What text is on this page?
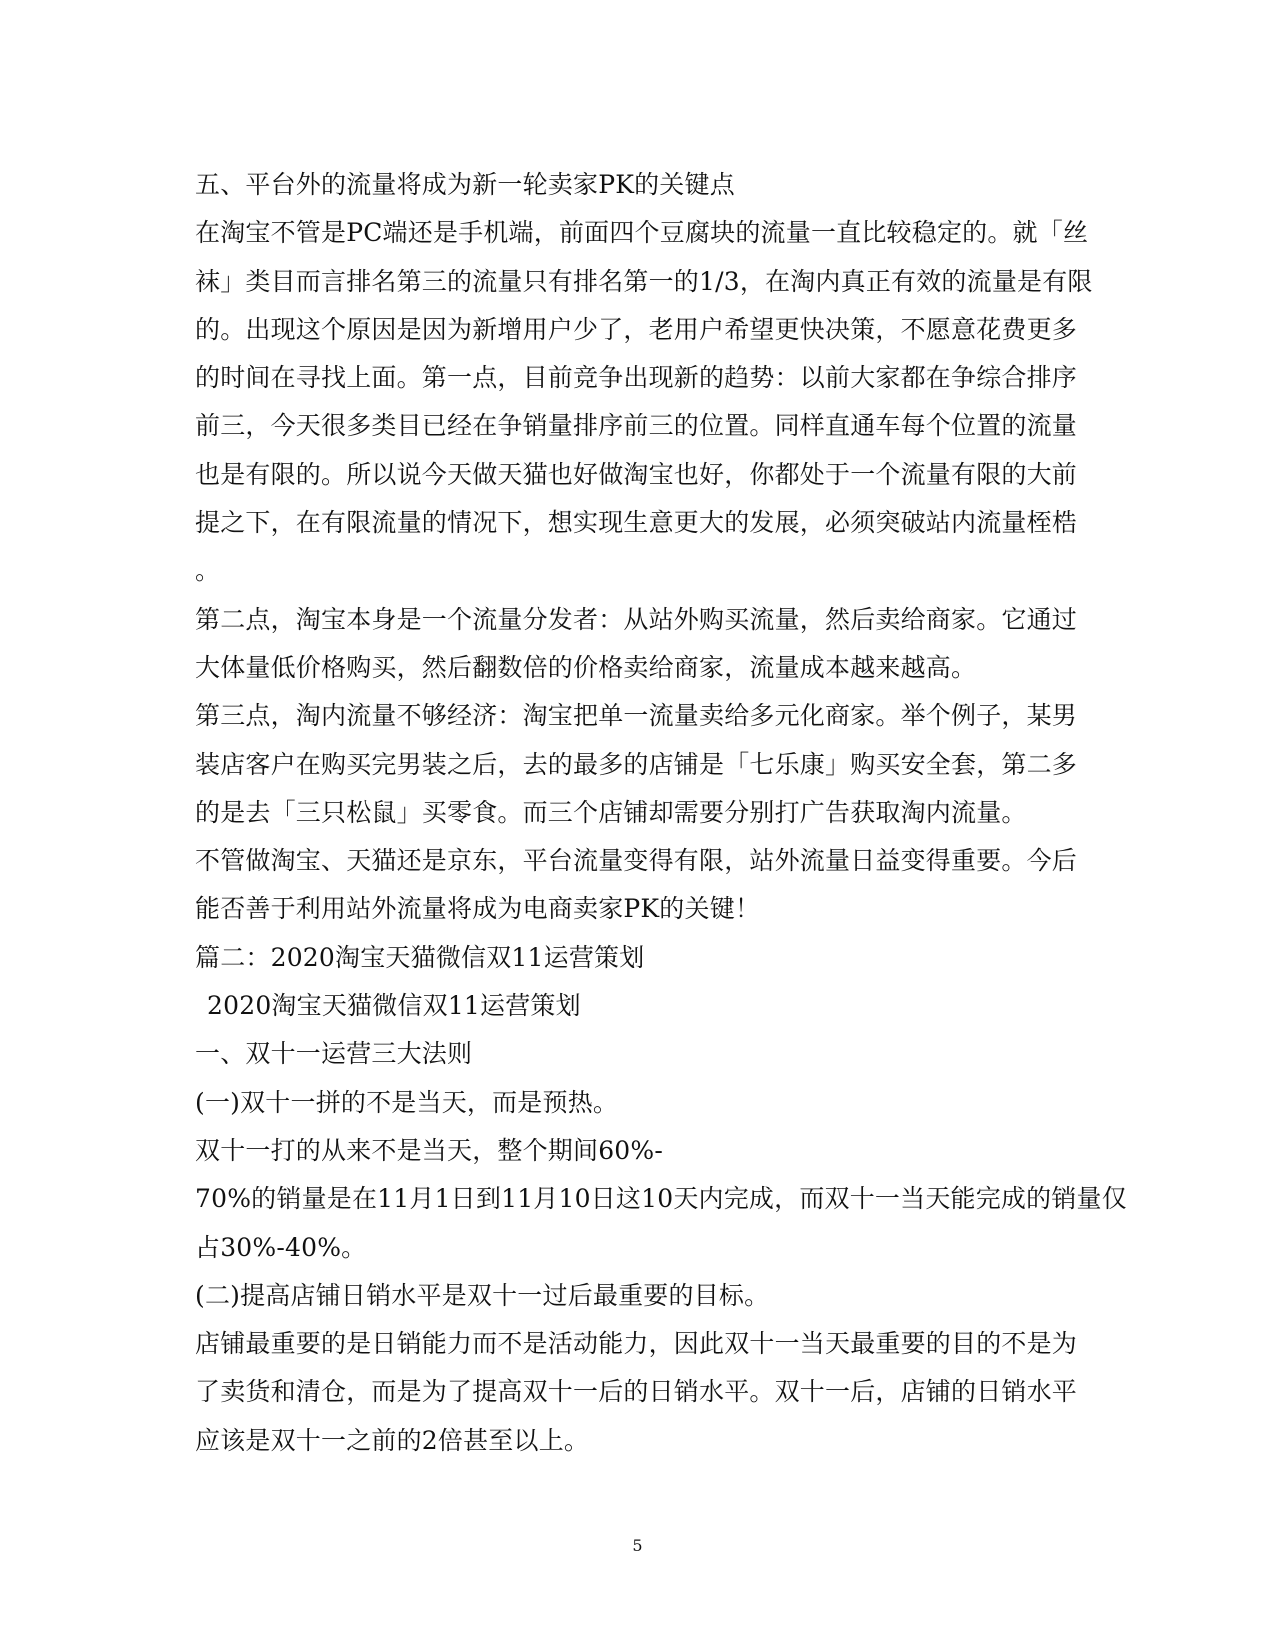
五、平台外的流量将成为新一轮卖家PK的关键点

在淘宝不管是PC端还是手机端，前面四个豆腐块的流量一直比较稳定的。就「丝

袜」类目而言排名第三的流量只有排名第一的1/3，在淘内真正有效的流量是有限

的。出现这个原因是因为新增用户少了，老用户希望更快决策，不愿意花费更多

的时间在寻找上面。第一点，目前竞争出现新的趋势：以前大家都在争综合排序

前三，今天很多类目已经在争销量排序前三的位置。同样直通车每个位置的流量

也是有限的。所以说今天做天猫也好做淘宝也好，你都处于一个流量有限的大前

提之下，在有限流量的情况下，想实现生意更大的发展，必须突破站内流量桎梏

。

第二点，淘宝本身是一个流量分发者：从站外购买流量，然后卖给商家。它通过

大体量低价格购买，然后翻数倍的价格卖给商家，流量成本越来越高。

第三点，淘内流量不够经济：淘宝把单一流量卖给多元化商家。举个例子，某男

装店客户在购买完男装之后，去的最多的店铺是「七乐康」购买安全套，第二多

的是去「三只松鼠」买零食。而三个店铺却需要分别打广告获取淘内流量。

不管做淘宝、天猫还是京东，平台流量变得有限，站外流量日益变得重要。今后

能否善于利用站外流量将成为电商卖家PK的关键！

篇二：2020淘宝天猫微信双11运营策划

2020淘宝天猫微信双11运营策划

一、双十一运营三大法则

(一)双十一拼的不是当天，而是预热。

双十一打的从来不是当天，整个期间60%-

70%的销量是在11月1日到11月10日这10天内完成，而双十一当天能完成的销量仅

占30%-40%。

(二)提高店铺日销水平是双十一过后最重要的目标。

店铺最重要的是日销能力而不是活动能力，因此双十一当天最重要的目的不是为

了卖货和清仓，而是为了提高双十一后的日销水平。双十一后，店铺的日销水平

应该是双十一之前的2倍甚至以上。

5
